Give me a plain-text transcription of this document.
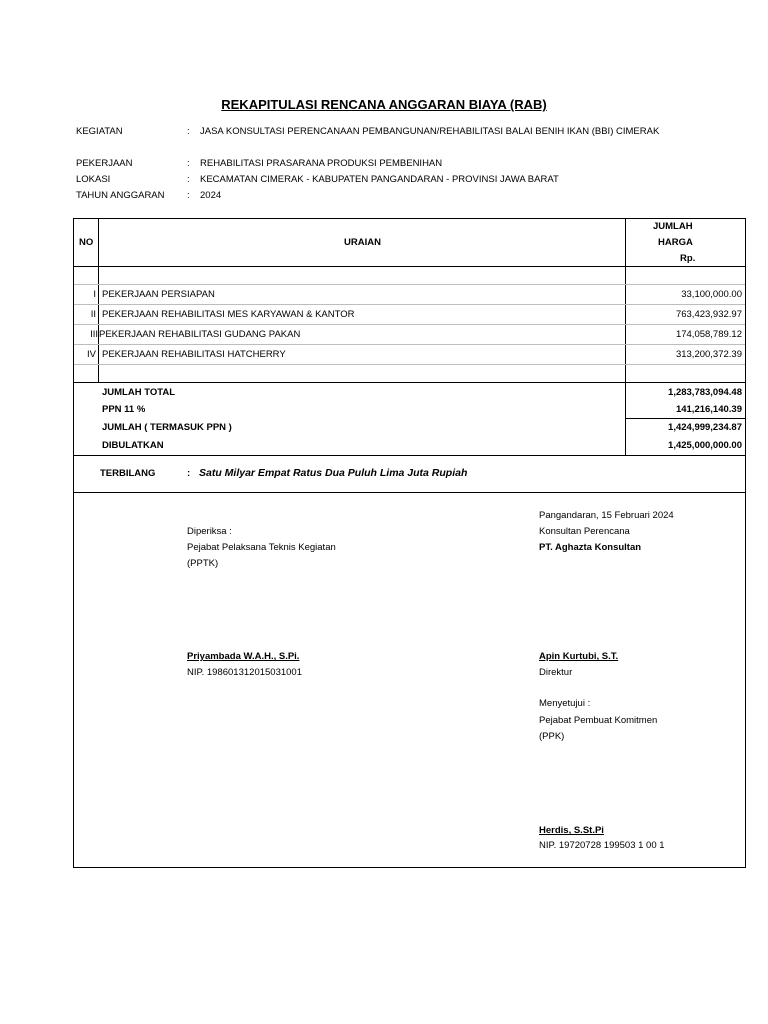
REKAPITULASI RENCANA ANGGARAN BIAYA (RAB)
KEGIATAN	: JASA KONSULTASI PERENCANAAN PEMBANGUNAN/REHABILITASI BALAI BENIH IKAN (BBI) CIMERAK
PEKERJAAN	: REHABILITASI PRASARANA PRODUKSI PEMBENIHAN
LOKASI	: KECAMATAN CIMERAK - KABUPATEN PANGANDARAN - PROVINSI JAWA BARAT
TAHUN ANGGARAN : 2024
NO	URAIAN
JUMLAH
HARGA
Rp.
I PEKERJAAN PERSIAPAN	33,100,000.00
II PEKERJAAN REHABILITASI MES KARYAWAN & KANTOR	763,423,932.97
III PEKERJAAN REHABILITASI GUDANG PAKAN	174,058,789.12
IV PEKERJAAN REHABILITASI HATCHERRY	313,200,372.39
JUMLAH TOTAL	1,283,783,094.48
PPN 11 %	141,216,140.39
JUMLAH ( TERMASUK PPN )	1,424,999,234.87
DIBULATKAN	1,425,000,000.00
TERBILANG	: Satu Milyar Empat Ratus Dua Puluh Lima Juta Rupiah
Pangandaran, 15 Februari 2024
Konsultan Perencana
PT. Aghazta Konsultan
Diperiksa :
Pejabat Pelaksana Teknis Kegiatan
(PPTK)
Priyambada W.A.H., S.Pi.
NIP. 198601312015031001
Apin Kurtubi, S.T.
Direktur
Menyetujui :
Pejabat Pembuat Komitmen
(PPK)
Herdis, S.St.Pi
NIP. 19720728 199503 1 00 1
